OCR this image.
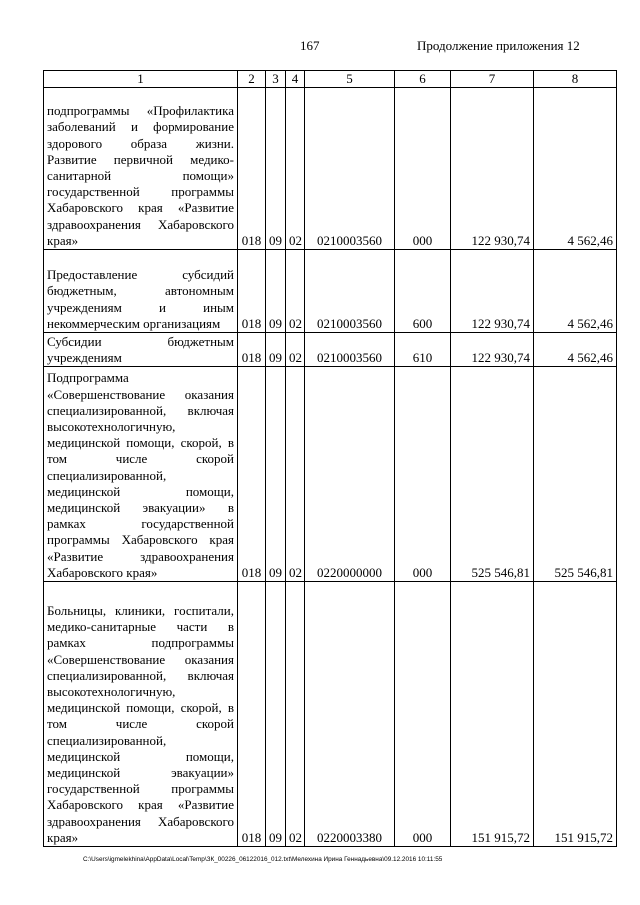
167	Продолжение приложения 12
1	2	3	4	5	6	7	8
подпрограммы «Профилактика заболеваний и формирование здорового образа жизни. Развитие первичной медико-санитарной помощи» государственной программы Хабаровского края «Развитие здравоохранения Хабаровского края»	018	09	02	0210003560	000	122 930,74	4 562,46
Предоставление субсидий бюджетным, автономным учреждениям и иным некоммерческим организациям	018	09	02	0210003560	600	122 930,74	4 562,46
Субсидии бюджетным учреждениям	018	09	02	0210003560	610	122 930,74	4 562,46
Подпрограмма «Совершенствование оказания специализированной, включая высокотехнологичную, медицинской помощи, скорой, в том числе скорой специализированной, медицинской помощи, медицинской эвакуации» в рамках государственной программы Хабаровского края «Развитие здравоохранения Хабаровского края»	018	09	02	0220000000	000	525 546,81	525 546,81
Больницы, клиники, госпитали, медико-санитарные части в рамках подпрограммы «Совершенствование оказания специализированной, включая высокотехнологичную, медицинской помощи, скорой, в том числе скорой специализированной, медицинской помощи, медицинской эвакуации» государственной программы Хабаровского края «Развитие здравоохранения Хабаровского края»	018	09	02	0220003380	000	151 915,72	151 915,72
C:\Users\igmelekhina\AppData\Local\Temp\ЗК_00226_06122016_012.txt\Мелехина Ирина Геннадьевна\09.12.2016 10:11:55
